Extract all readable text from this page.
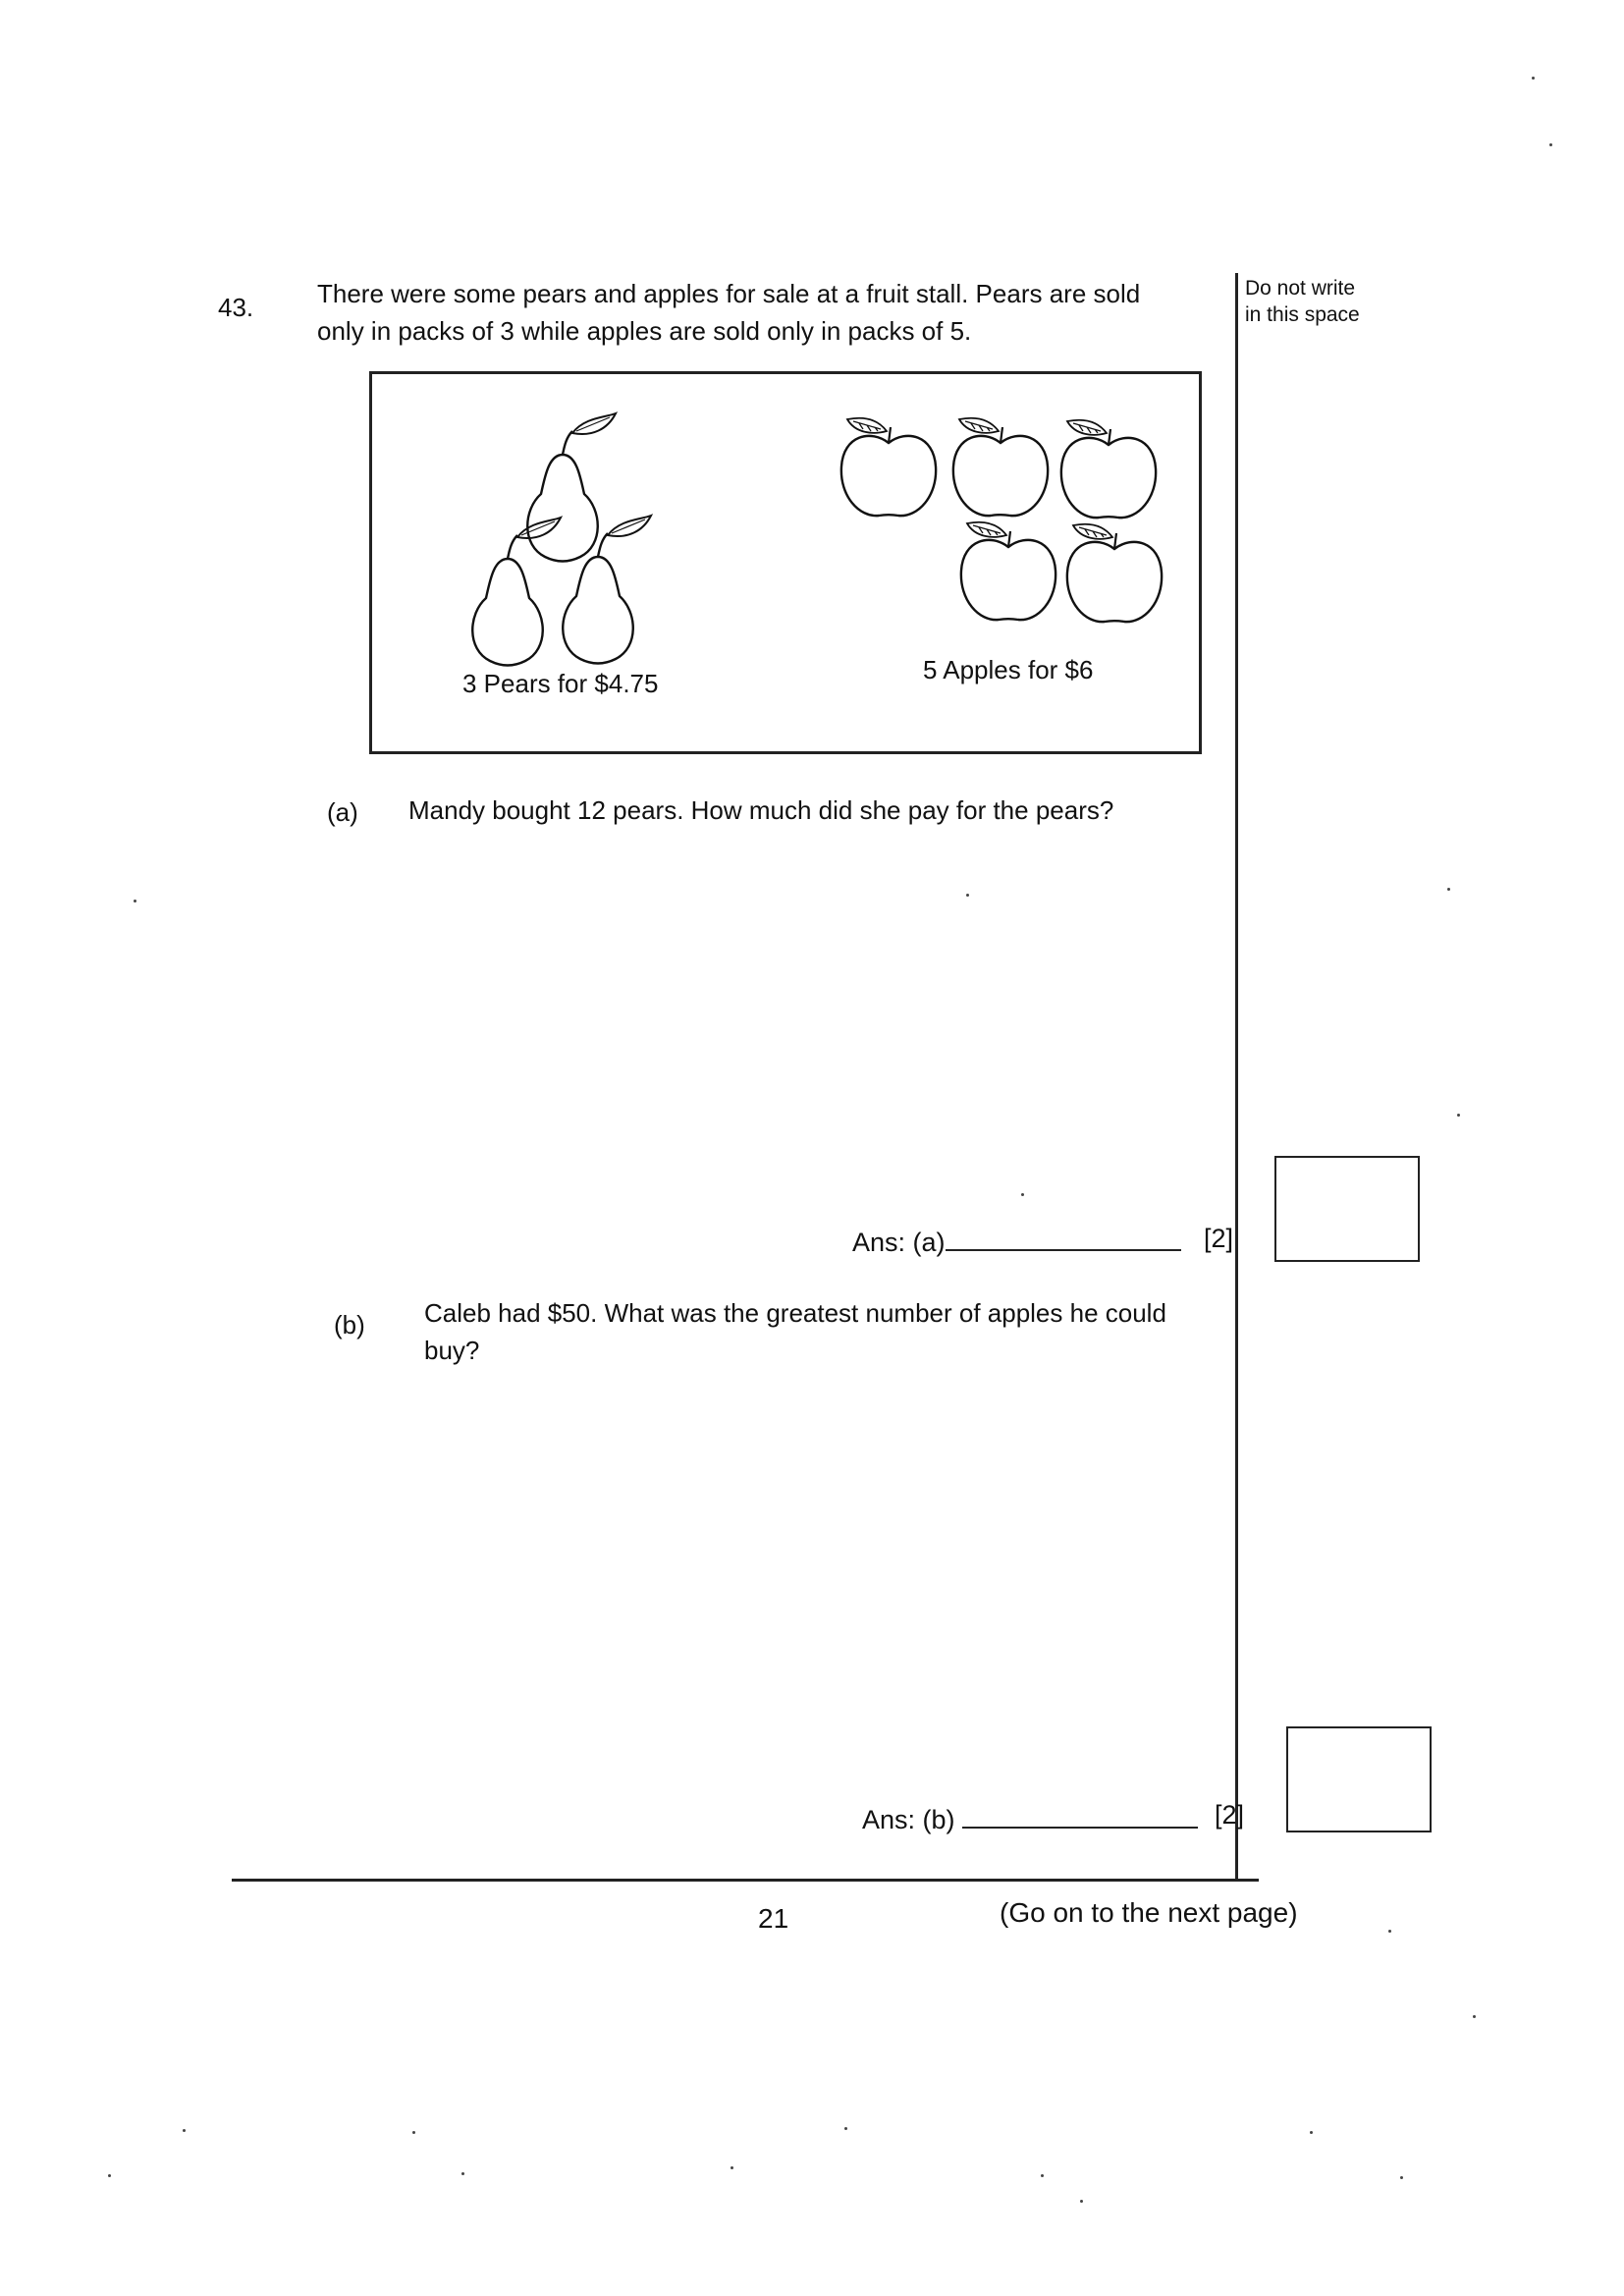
43. There were some pears and apples for sale at a fruit stall. Pears are sold
only in packs of 3 while apples are sold only in packs of 5.
Do not write
in this space
3 Pears for $4.75	5 Apples for $6
(a) Mandy bought 12 pears. How much did she pay for the pears?
Ans: (a)	[2]
(b) Caleb had $50. What was the greatest number of apples he could
buy?
Ans: (b)	[2]
21	(Go on to the next page)
